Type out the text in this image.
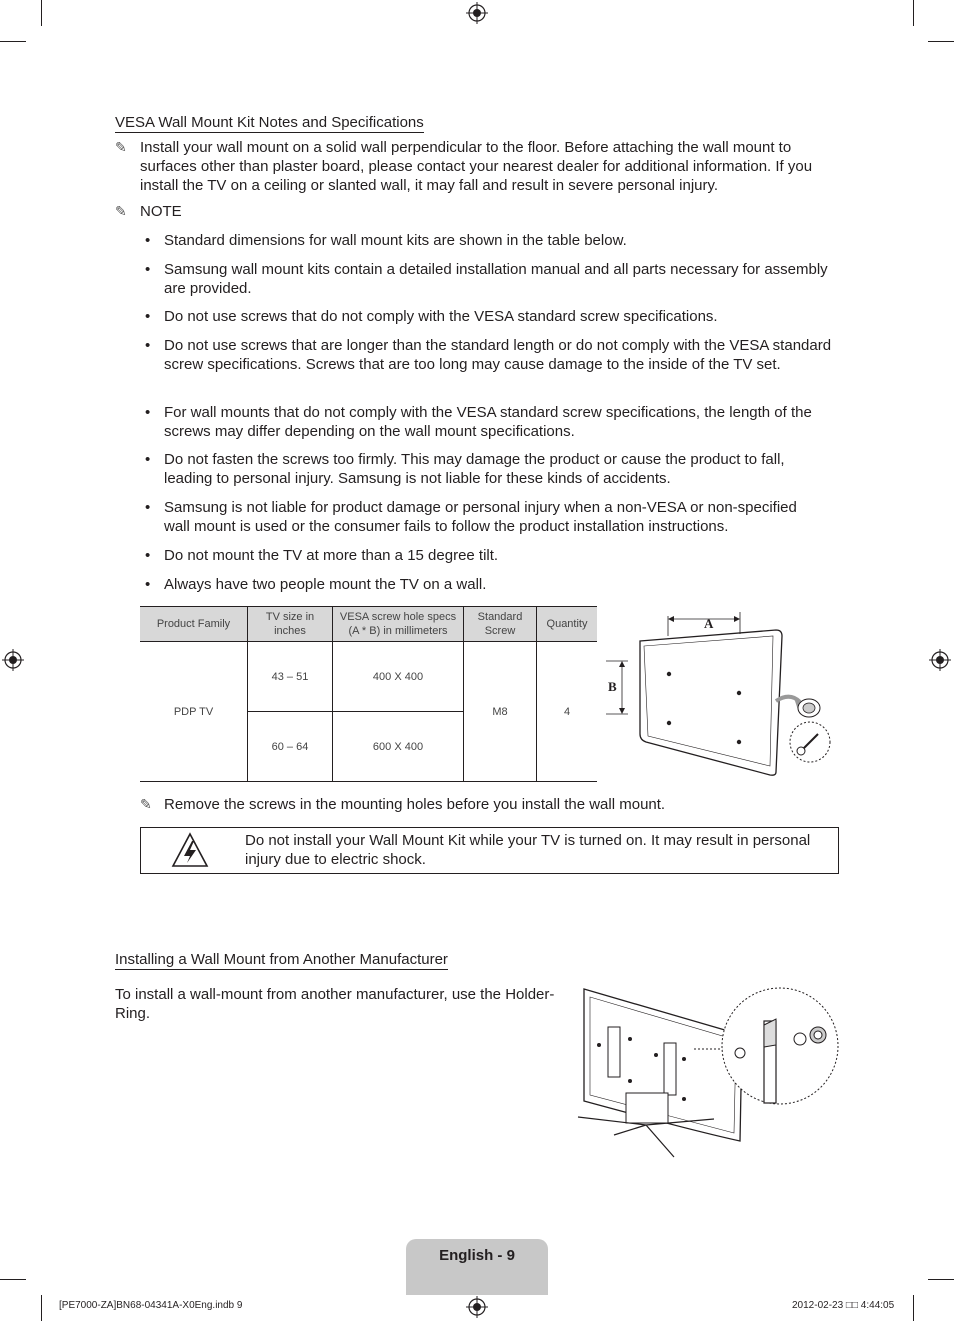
VESA Wall Mount Kit Notes and Specifications
✎ Install your wall mount on a solid wall perpendicular to the floor. Before attaching the wall mount to surfaces other than plaster board, please contact your nearest dealer for additional information. If you install the TV on a ceiling or slanted wall, it may fall and result in severe personal injury.
✎ NOTE
• Standard dimensions for wall mount kits are shown in the table below.
• Samsung wall mount kits contain a detailed installation manual and all parts necessary for assembly are provided.
• Do not use screws that do not comply with the VESA standard screw specifications.
• Do not use screws that are longer than the standard length or do not comply with the VESA standard screw specifications. Screws that are too long may cause damage to the inside of the TV set.
• For wall mounts that do not comply with the VESA standard screw specifications, the length of the screws may differ depending on the wall mount specifications.
• Do not fasten the screws too firmly. This may damage the product or cause the product to fall, leading to personal injury. Samsung is not liable for these kinds of accidents.
• Samsung is not liable for product damage or personal injury when a non-VESA or non-specified wall mount is used or the consumer fails to follow the product installation instructions.
• Do not mount the TV at more than a 15 degree tilt.
• Always have two people mount the TV on a wall.
Product Family	TV size in inches	VESA screw hole specs (A * B) in millimeters	Standard Screw	Quantity
PDP TV	43 – 51	400 X 400	M8	4
	60 – 64	600 X 400		
A
B
✎ Remove the screws in the mounting holes before you install the wall mount.
Do not install your Wall Mount Kit while your TV is turned on. It may result in personal injury due to electric shock.
Installing a Wall Mount from Another Manufacturer
To install a wall-mount from another manufacturer, use the Holder-Ring.
English - 9
[PE7000-ZA]BN68-04341A-X0Eng.indb 9	2012-02-23 □□ 4:44:05
